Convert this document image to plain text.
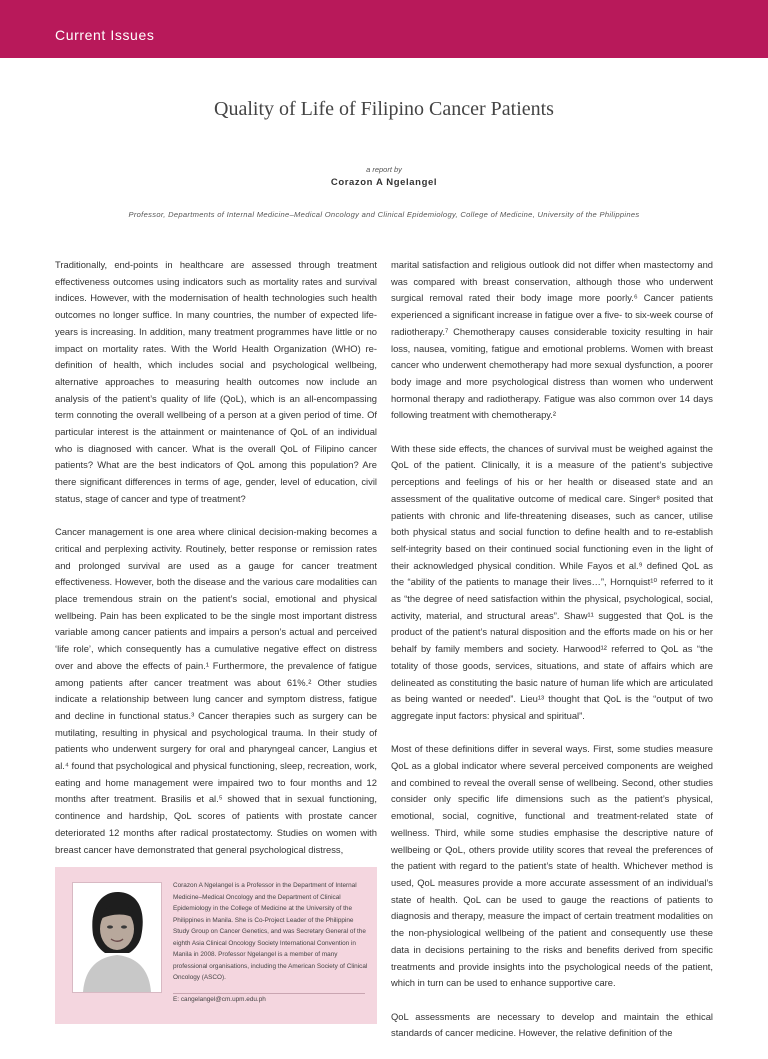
Current Issues
Quality of Life of Filipino Cancer Patients
a report by
Corazon A Ngelangel
Professor, Departments of Internal Medicine–Medical Oncology and Clinical Epidemiology, College of Medicine, University of the Philippines

Traditionally, end-points in healthcare are assessed through treatment effectiveness outcomes using indicators such as mortality rates and survival indices. However, with the modernisation of health technologies such health outcomes no longer suffice. In many countries, the number of expected life-years is increasing. In addition, many treatment programmes have little or no impact on mortality rates. With the World Health Organization (WHO) re-definition of health, which includes social and psychological wellbeing, alternative approaches to measuring health outcomes now include an analysis of the patient’s quality of life (QoL), which is an all-encompassing term connoting the overall wellbeing of a person at a given period of time. Of particular interest is the attainment or maintenance of QoL of an individual who is diagnosed with cancer. What is the overall QoL of Filipino cancer patients? What are the best indicators of QoL among this population? Are there significant differences in terms of age, gender, level of education, civil status, stage of cancer and type of treatment?

Cancer management is one area where clinical decision-making becomes a critical and perplexing activity. Routinely, better response or remission rates and prolonged survival are used as a gauge for cancer treatment effectiveness. However, both the disease and the various care modalities can place tremendous strain on the patient’s social, emotional and physical wellbeing. Pain has been explicated to be the single most important distress variable among cancer patients and impairs a person’s actual and perceived ‘life role’, which consequently has a cumulative negative effect on distress over and above the effects of pain.¹ Furthermore, the prevalence of fatigue among patients after cancer treatment was about 61%.² Other studies indicate a relationship between lung cancer and symptom distress, fatigue and decline in functional status.³ Cancer therapies such as surgery can be mutilating, resulting in physical and psychological trauma. In their study of patients who underwent surgery for oral and pharyngeal cancer, Langius et al.⁴ found that psychological and physical functioning, sleep, recreation, work, eating and home management were impaired two to four months and 12 months after treatment. Brasilis et al.⁵ showed that in sexual functioning, continence and hardship, QoL scores of patients with prostate cancer deteriorated 12 months after radical prostatectomy. Studies on women with breast cancer have demonstrated that general psychological distress,

marital satisfaction and religious outlook did not differ when mastectomy and was compared with breast conservation, although those who underwent surgical removal rated their body image more poorly.⁶ Cancer patients experienced a significant increase in fatigue over a five- to six-week course of radiotherapy.⁷ Chemotherapy causes considerable toxicity resulting in hair loss, nausea, vomiting, fatigue and emotional problems. Women with breast cancer who underwent chemotherapy had more sexual dysfunction, a poorer body image and more psychological distress than women who underwent hormonal therapy and radiotherapy. Fatigue was also common over 14 days following treatment with chemotherapy.²

With these side effects, the chances of survival must be weighed against the QoL of the patient. Clinically, it is a measure of the patient’s subjective perceptions and feelings of his or her health or diseased state and an assessment of the qualitative outcome of medical care. Singer⁸ posited that patients with chronic and life-threatening diseases, such as cancer, utilise both physical status and social function to define health and to re-establish self-integrity based on their continued social functioning even in the light of their acknowledged physical condition. While Fayos et al.⁹ defined QoL as the “ability of the patients to manage their lives…”, Hornquist¹⁰ referred to it as “the degree of need satisfaction within the physical, psychological, social, activity, material, and structural areas”. Shaw¹¹ suggested that QoL is the product of the patient’s natural disposition and the efforts made on his or her behalf by family members and society. Harwood¹² referred to QoL as “the totality of those goods, services, situations, and state of affairs which are delineated as constituting the basic nature of human life which are articulated as being wanted or needed”. Lieu¹³ thought that QoL is the “output of two aggregate input factors: physical and spiritual”.

Most of these definitions differ in several ways. First, some studies measure QoL as a global indicator where several perceived components are weighed and combined to reveal the overall sense of wellbeing. Second, other studies consider only specific life dimensions such as the patient’s physical, emotional, social, cognitive, functional and treatment-related state of wellness. Third, while some studies emphasise the descriptive nature of wellbeing or QoL, others provide utility scores that reveal the preferences of the patient with regard to the patient’s state of health. Whichever method is used, QoL measures provide a more accurate assessment of an individual’s state of health. QoL can be used to gauge the reactions of patients to diagnosis and therapy, measure the impact of certain treatment modalities on the non-physiological wellbeing of the patient and consequently use these data in decisions pertaining to the risks and benefits derived from specific treatments and provide insights into the psychological needs of the patient, which in turn can be used to enhance supportive care.

QoL assessments are necessary to develop and maintain the ethical standards of cancer medicine. However, the relative definition of the

Corazon A Ngelangel is a Professor in the Department of Internal Medicine–Medical Oncology and the Department of Clinical Epidemiology in the College of Medicine at the University of the Philippines in Manila. She is Co-Project Leader of the Philippine Study Group on Cancer Genetics, and was Secretary General of the eighth Asia Clinical Oncology Society International Convention in Manila in 2008. Professor Ngelangel is a member of many professional organisations, including the American Society of Clinical Oncology (ASCO).
E: cangelangel@cm.upm.edu.ph
